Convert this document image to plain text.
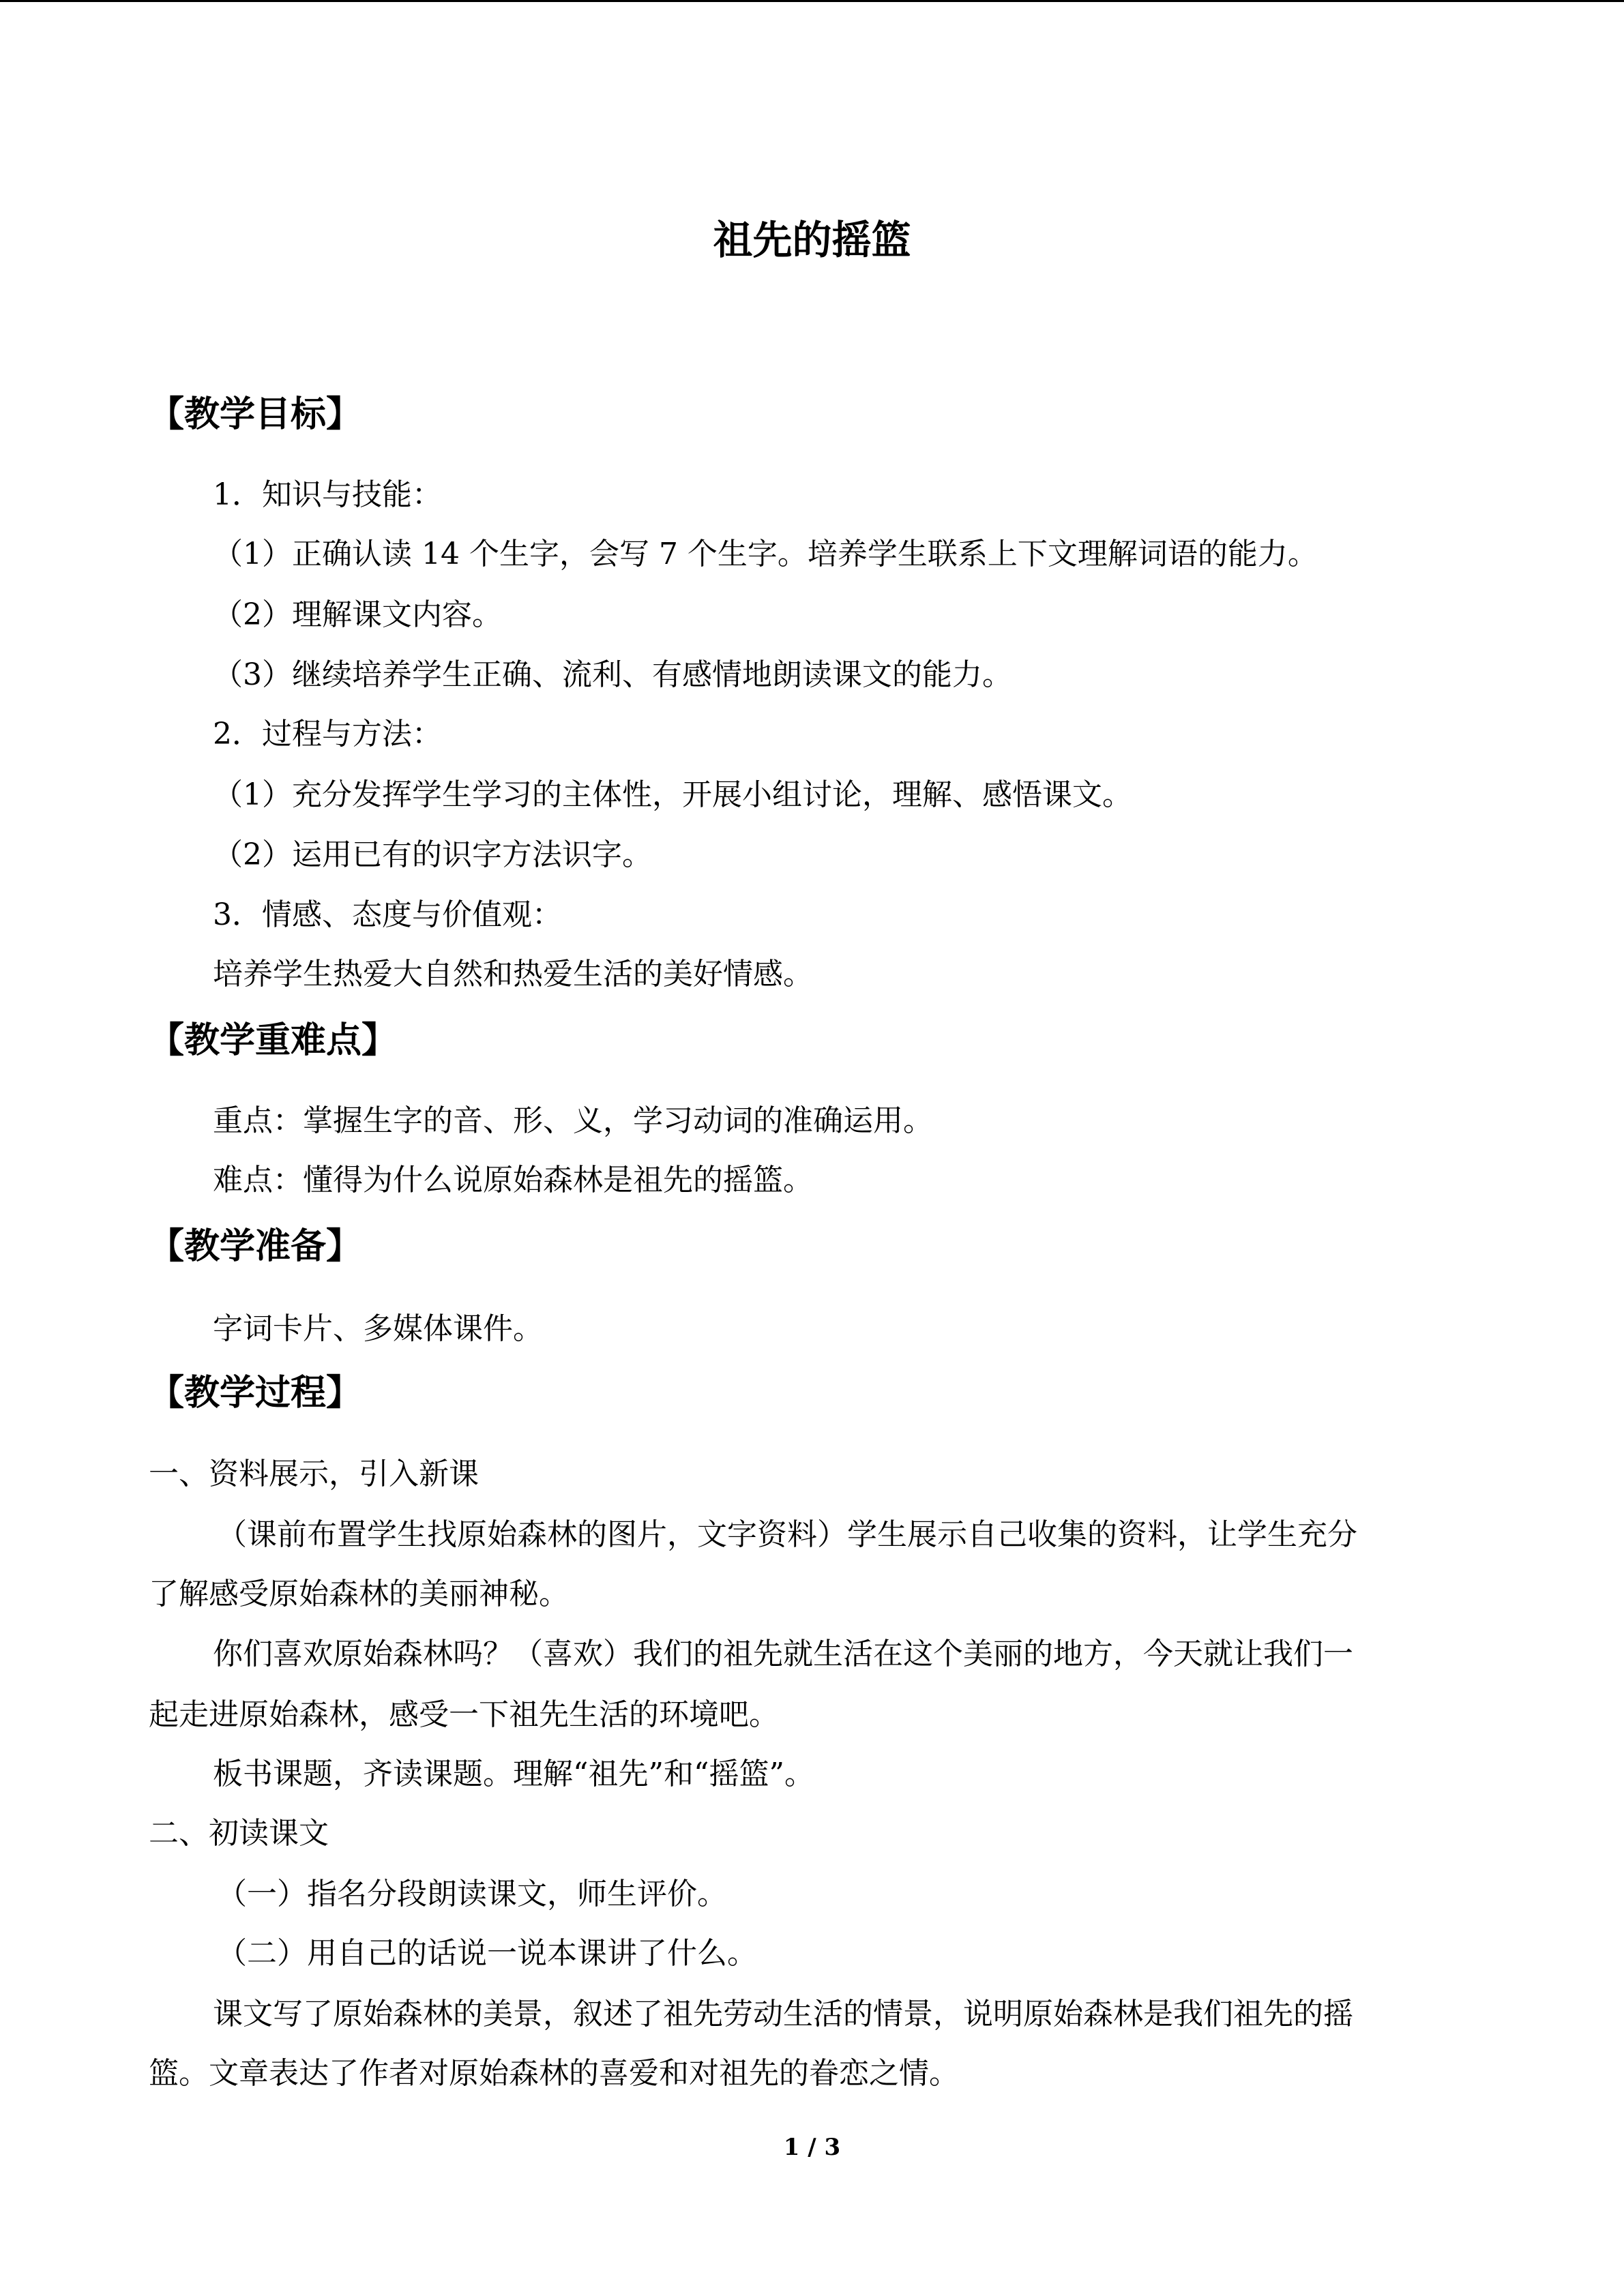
祖先的摇篮
【教学目标】
1．知识与技能：
（1）正确认读 14 个生字，会写 7 个生字。培养学生联系上下文理解词语的能力。
（2）理解课文内容。
（3）继续培养学生正确、流利、有感情地朗读课文的能力。
2．过程与方法：
（1）充分发挥学生学习的主体性，开展小组讨论，理解、感悟课文。
（2）运用已有的识字方法识字。
3．情感、态度与价值观：
培养学生热爱大自然和热爱生活的美好情感。
【教学重难点】
重点：掌握生字的音、形、义，学习动词的准确运用。
难点：懂得为什么说原始森林是祖先的摇篮。
【教学准备】
字词卡片、多媒体课件。
【教学过程】
一、资料展示，引入新课
（课前布置学生找原始森林的图片，文字资料）学生展示自己收集的资料，让学生充分
了解感受原始森林的美丽神秘。
你们喜欢原始森林吗？（喜欢）我们的祖先就生活在这个美丽的地方，今天就让我们一
起走进原始森林，感受一下祖先生活的环境吧。
板书课题，齐读课题。理解“祖先”和“摇篮”。
二、初读课文
（一）指名分段朗读课文，师生评价。
（二）用自己的话说一说本课讲了什么。
课文写了原始森林的美景，叙述了祖先劳动生活的情景，说明原始森林是我们祖先的摇
篮。文章表达了作者对原始森林的喜爱和对祖先的眷恋之情。
1 / 3
